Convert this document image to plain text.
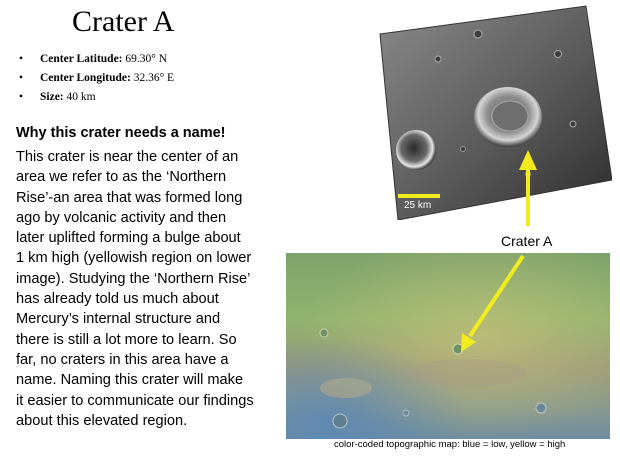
Crater A
• Center Latitude: 69.30° N
• Center Longitude: 32.36° E
• Size: 40 km
Why this crater needs a name!
This crater is near the center of an
area we refer to as the ‘Northern
Rise’-an area that was formed long
ago by volcanic activity and then
later uplifted forming a bulge about
1 km high (yellowish region on lower
image). Studying the ‘Northern Rise’
has already told us much about
Mercury’s internal structure and
there is still a lot more to learn. So
far, no craters in this area have a
name. Naming this crater will make
it easier to communicate our findings
about this elevated region.
25 km
Crater A
color-coded topographic map: blue = low, yellow = high
